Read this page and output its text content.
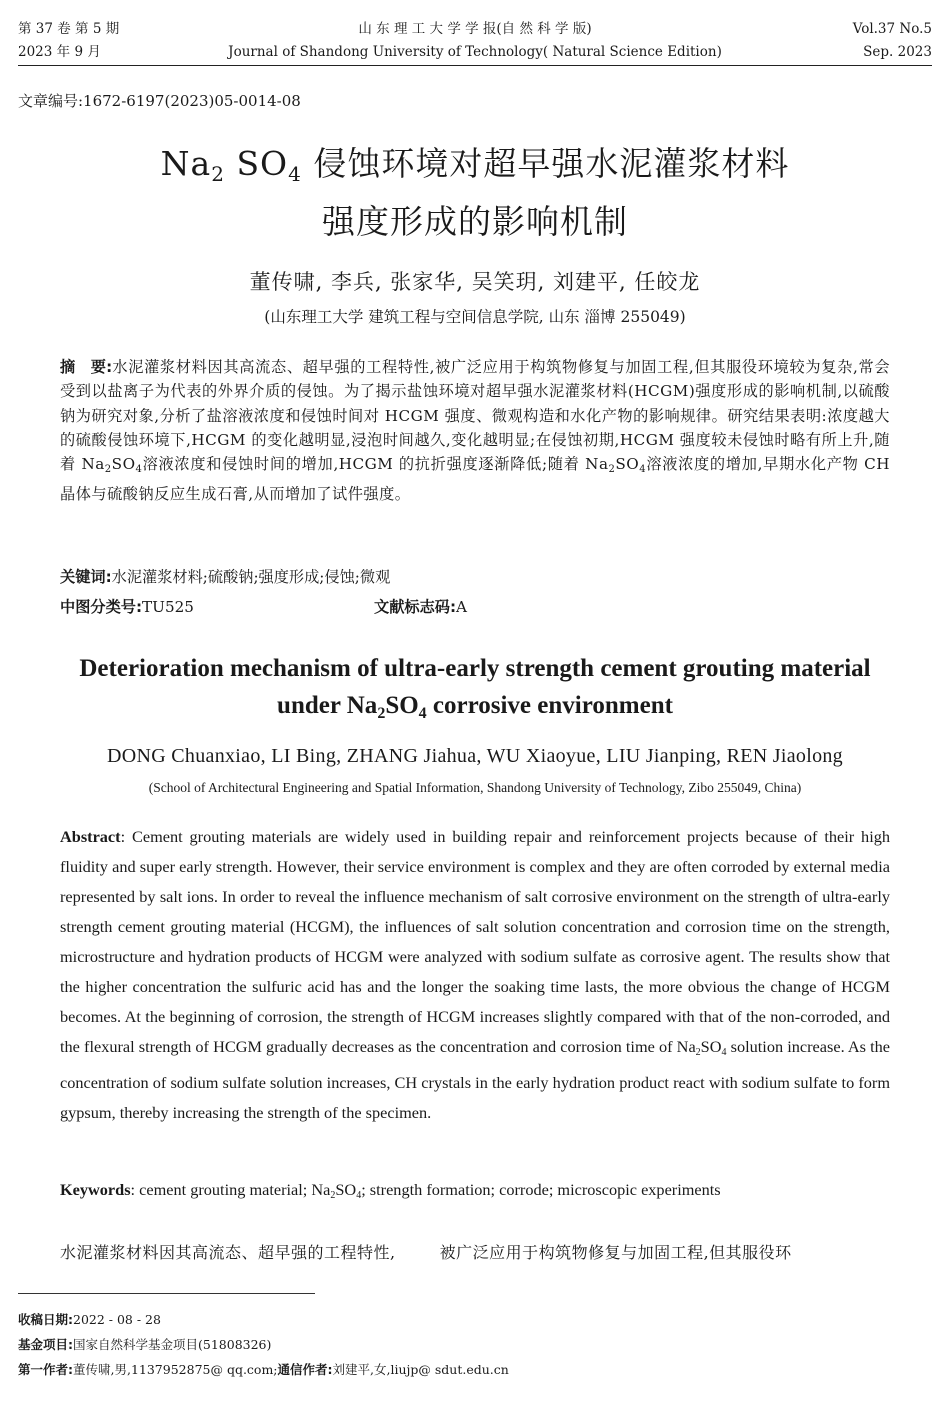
第 37 卷 第 5 期
2023 年 9 月
山 东 理 工 大 学 学 报(自 然 科 学 版)
Journal of Shandong University of Technology( Natural Science Edition)
Vol.37 No.5
Sep. 2023
文章编号:1672-6197(2023)05-0014-08
$Na_2$ $SO_4$ 侵蚀环境对超早强水泥灌浆材料
强度形成的影响机制
董传啸, 李兵, 张家华, 吴笑玥, 刘建平, 任皎龙
(山东理工大学 建筑工程与空间信息学院, 山东 淄博 255049)
摘　要:水泥灌浆材料因其高流态、超早强的工程特性,被广泛应用于构筑物修复与加固工程,但其服役环境较为复杂,常会受到以盐离子为代表的外界介质的侵蚀。为了揭示盐蚀环境对超早强水泥灌浆材料(HCGM)强度形成的影响机制,以硫酸钠为研究对象,分析了盐溶液浓度和侵蚀时间对 HCGM 强度、微观构造和水化产物的影响规律。研究结果表明:浓度越大的硫酸侵蚀环境下,HCGM 的变化越明显,浸泡时间越久,变化越明显;在侵蚀初期,HCGM 强度较未侵蚀时略有所上升,随着 $Na_2SO_4$溶液浓度和侵蚀时间的增加,HCGM 的抗折强度逐渐降低;随着 $Na_2SO_4$溶液浓度的增加,早期水化产物 CH 晶体与硫酸钠反应生成石膏,从而增加了试件强度。
关键词:水泥灌浆材料;硫酸钠;强度形成;侵蚀;微观
中图分类号:TU525	文献标志码:A
Deterioration mechanism of ultra-early strength cement grouting material
under $Na_2SO_4$ corrosive environment
DONG Chuanxiao, LI Bing, ZHANG Jiahua, WU Xiaoyue, LIU Jianping, REN Jiaolong
(School of Architectural Engineering and Spatial Information, Shandong University of Technology, Zibo 255049, China)
Abstract: Cement grouting materials are widely used in building repair and reinforcement projects because of their high fluidity and super early strength. However, their service environment is complex and they are often corroded by external media represented by salt ions. In order to reveal the influence mechanism of salt corrosive environment on the strength of ultra-early strength cement grouting material (HCGM), the influences of salt solution concentration and corrosion time on the strength, microstructure and hydration products of HCGM were analyzed with sodium sulfate as corrosive agent. The results show that the higher concentration the sulfuric acid has and the longer the soaking time lasts, the more obvious the change of HCGM becomes. At the beginning of corrosion, the strength of HCGM increases slightly compared with that of the non-corroded, and the flexural strength of HCGM gradually decreases as the concentration and corrosion time of $Na_2SO_4$ solution increase. As the concentration of sodium sulfate solution increases, CH crystals in the early hydration product react with sodium sulfate to form gypsum, thereby increasing the strength of the specimen.
Keywords: cement grouting material; $Na_2SO_4$; strength formation; corrode; microscopic experiments
水泥灌浆材料因其高流态、超早强的工程特性,	被广泛应用于构筑物修复与加固工程,但其服役环
收稿日期:2022 - 08 - 28
基金项目:国家自然科学基金项目(51808326)
第一作者:董传啸,男,1137952875@ qq.com;通信作者:刘建平,女,liujp@ sdut.edu.cn
